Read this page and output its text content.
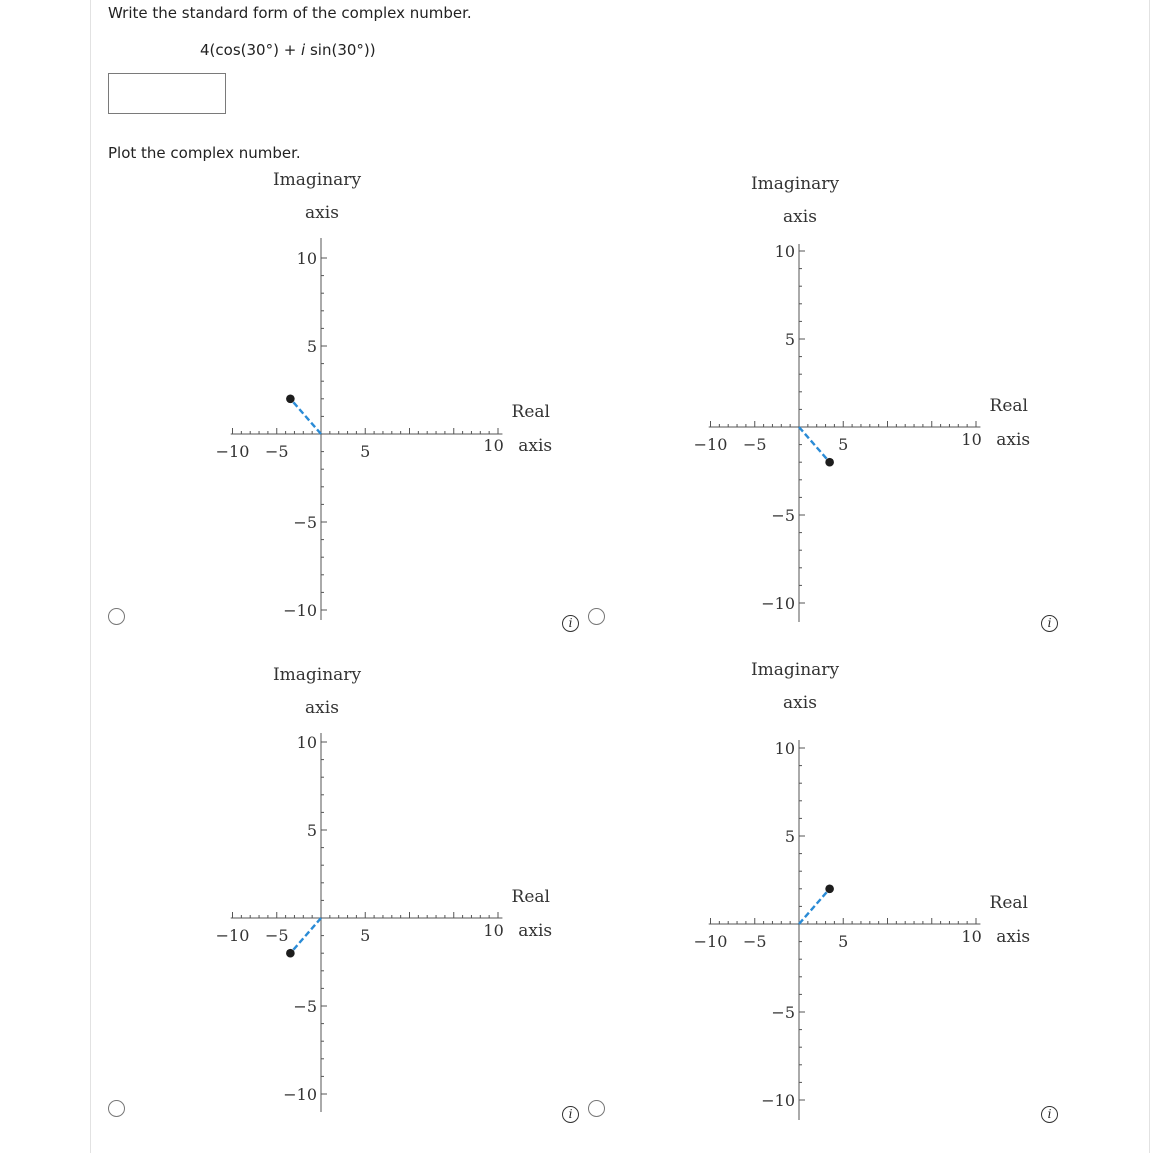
Write the standard form of the complex number.
4(cos(30°) + i sin(30°))
Plot the complex number.
i	i
i	i
−10 −5	5	10
10
5
−5
−10
Imaginary
axis
Real
axis	−10 −5	5	10
10
5
−5
−10
Imaginary
axis
Real
axis
−10 −5	5	10
10
5
−5
−10
Imaginary
axis
Real
axis
−10 −5	5	10
10
5
−5
−10
Imaginary
axis
Real
axis
